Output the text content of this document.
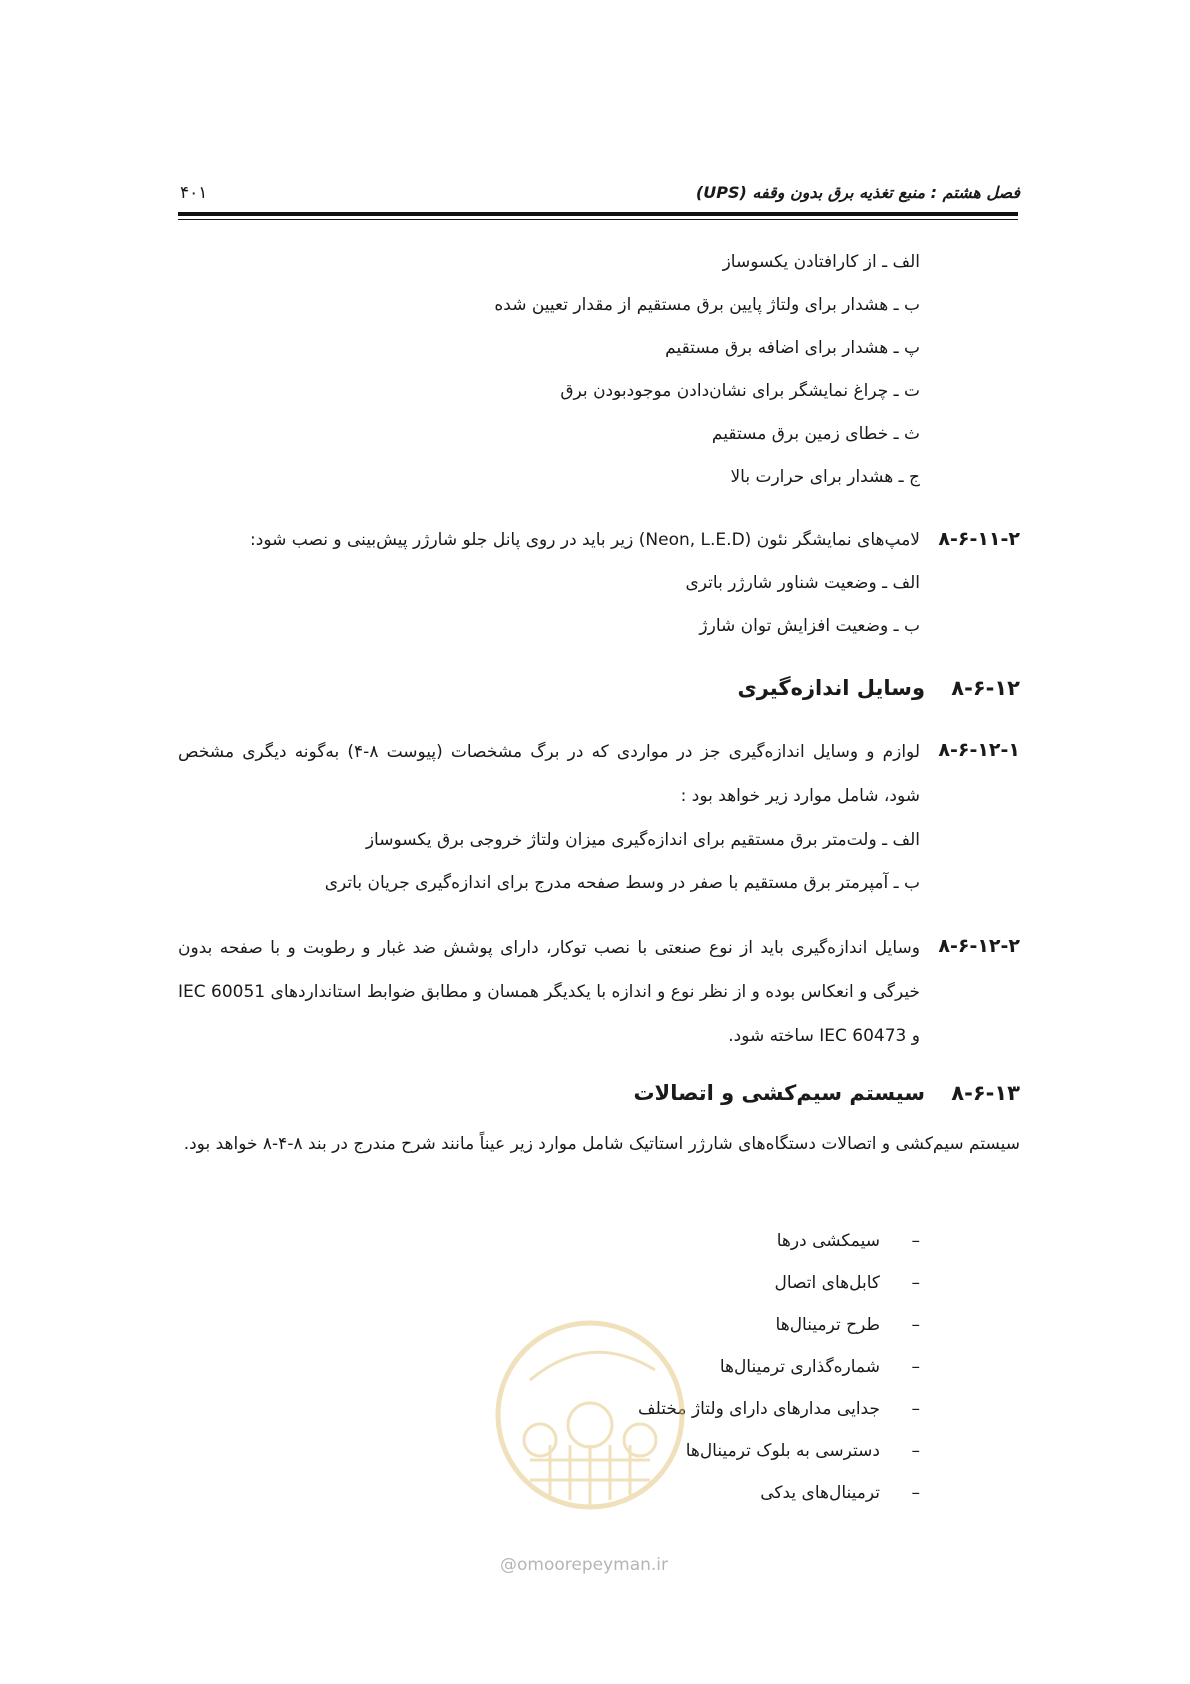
فصل هشتم : منبع تغذیه برق بدون وقفه (UPS)
۴۰۱
الف ـ از کارافتادن یکسوساز
ب ـ هشدار برای ولتاژ پایین برق مستقیم از مقدار تعیین شده
پ ـ هشدار برای اضافه برق مستقیم
ت ـ چراغ نمایشگر برای نشان‌دادن موجودبودن برق
ث ـ خطای زمین برق مستقیم
ج ـ هشدار برای حرارت بالا
۸-۶-۱۱-۲
لامپ‌های نمایشگر نئون (Neon, L.E.D) زیر باید در روی پانل جلو شارژر پیش‌بینی و نصب شود:
الف ـ وضعیت شناور شارژر باتری
ب ـ وضعیت افزایش توان شارژ
۸-۶-۱۲
وسایل اندازه‌گیری
۸-۶-۱۲-۱
لوازم و وسایل اندازه‌گیری جز در مواردی که در برگ مشخصات (پیوست ۸-۴) به‌گونه دیگری مشخص شود، شامل موارد زیر خواهد بود :
الف ـ ولت‌متر برق مستقیم برای اندازه‌گیری میزان ولتاژ خروجی برق یکسوساز
ب ـ آمپرمتر برق مستقیم با صفر در وسط صفحه مدرج برای اندازه‌گیری جریان باتری
۸-۶-۱۲-۲
وسایل اندازه‌گیری باید از نوع صنعتی با نصب توکار، دارای پوشش ضد غبار و رطوبت و با صفحه بدون خیرگی و انعکاس بوده و از نظر نوع و اندازه با یکدیگر همسان و مطابق ضوابط استانداردهای IEC 60051 و IEC 60473 ساخته شود.
۸-۶-۱۳
سیستم سیم‌کشی و اتصالات
سیستم سیم‌کشی و اتصالات دستگاه‌های شارژر استاتیک شامل موارد زیر عیناً مانند شرح مندرج در بند ۸-۴-۸ خواهد بود.
–سیمکشی درها
–کابل‌های اتصال
–طرح ترمینال‌ها
–شماره‌گذاری ترمینال‌ها
–جدایی مدارهای دارای ولتاژ مختلف
–دسترسی به بلوک ترمینال‌ها
–ترمینال‌های یدکی
@omoorepeyman.ir
